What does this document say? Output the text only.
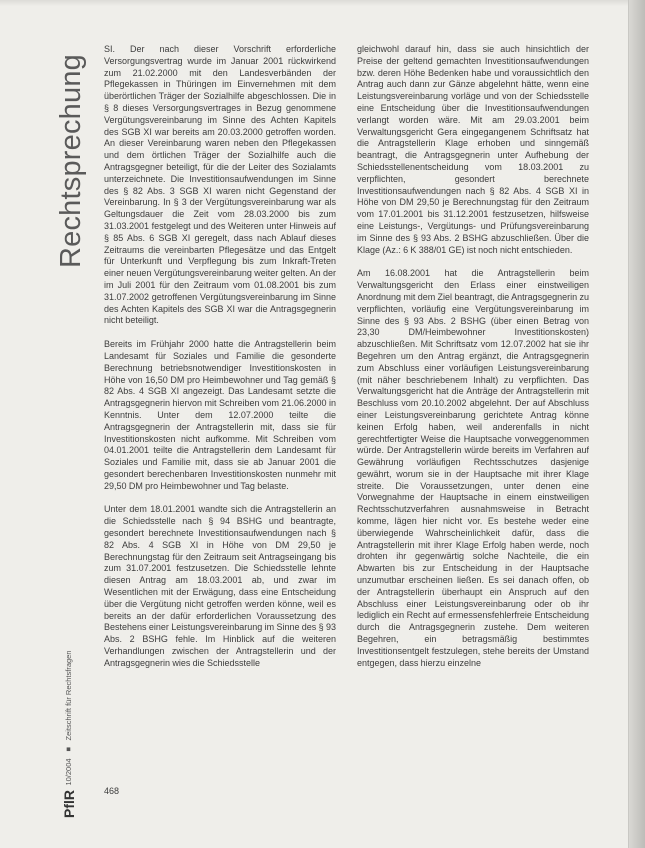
Rechtsprechung

SI. Der nach dieser Vorschrift erforderliche Versorgungsvertrag wurde im Januar 2001 rückwirkend zum 21.02.2000 mit den Landesverbänden der Pflegekassen in Thüringen im Einvernehmen mit dem überörtlichen Träger der Sozialhilfe abgeschlossen. Die in § 8 dieses Versorgungsvertrages in Bezug genommene Vergütungsvereinbarung im Sinne des Achten Kapitels des SGB XI war bereits am 20.03.2000 getroffen worden. An dieser Vereinbarung waren neben den Pflegekassen und dem örtlichen Träger der Sozialhilfe auch die Antragsgegner beteiligt, für die der Leiter des Sozialamts unterzeichnete. Die Investitionsaufwendungen im Sinne des § 82 Abs. 3 SGB XI waren nicht Gegenstand der Vereinbarung. In § 3 der Vergütungsvereinbarung war als Geltungsdauer die Zeit vom 28.03.2000 bis zum 31.03.2001 festgelegt und des Weiteren unter Hinweis auf § 85 Abs. 6 SGB XI geregelt, dass nach Ablauf dieses Zeitraums die vereinbarten Pflegesätze und das Entgelt für Unterkunft und Verpflegung bis zum Inkraft-Treten einer neuen Vergütungsvereinbarung weiter gelten. An der im Juli 2001 für den Zeitraum vom 01.08.2001 bis zum 31.07.2002 getroffenen Vergütungsvereinbarung im Sinne des Achten Kapitels des SGB XI war die Antragsgegnerin nicht beteiligt.

Bereits im Frühjahr 2000 hatte die Antragstellerin beim Landesamt für Soziales und Familie die gesonderte Berechnung betriebsnotwendiger Investitionskosten in Höhe von 16,50 DM pro Heimbewohner und Tag gemäß § 82 Abs. 4 SGB XI angezeigt. Das Landesamt setzte die Antragsgegnerin hiervon mit Schreiben vom 21.06.2000 in Kenntnis. Unter dem 12.07.2000 teilte die Antragsgegnerin der Antragstellerin mit, dass sie für Investitionskosten nicht aufkomme. Mit Schreiben vom 04.01.2001 teilte die Antragstellerin dem Landesamt für Soziales und Familie mit, dass sie ab Januar 2001 die gesondert berechenbaren Investitionskosten nunmehr mit 29,50 DM pro Heimbewohner und Tag belaste.

Unter dem 18.01.2001 wandte sich die Antragstellerin an die Schiedsstelle nach § 94 BSHG und beantragte, gesondert berechnete Investitionsaufwendungen nach § 82 Abs. 4 SGB XI in Höhe von DM 29,50 je Berechnungstag für den Zeitraum seit Antragseingang bis zum 31.07.2001 festzusetzen. Die Schiedsstelle lehnte diesen Antrag am 18.03.2001 ab, und zwar im Wesentlichen mit der Erwägung, dass eine Entscheidung über die Vergütung nicht getroffen werden könne, weil es bereits an der dafür erforderlichen Voraussetzung des Bestehens einer Leistungsvereinbarung im Sinne des § 93 Abs. 2 BSHG fehle. Im Hinblick auf die weiteren Verhandlungen zwischen der Antragstellerin und der Antragsgegnerin wies die Schiedsstelle

gleichwohl darauf hin, dass sie auch hinsichtlich der Preise der geltend gemachten Investitionsaufwendungen bzw. deren Höhe Bedenken habe und voraussichtlich den Antrag auch dann zur Gänze abgelehnt hätte, wenn eine Leistungsvereinbarung vorläge und von der Schiedsstelle eine Entscheidung über die Investitionsaufwendungen verlangt worden wäre. Mit am 29.03.2001 beim Verwaltungsgericht Gera eingegangenem Schriftsatz hat die Antragstellerin Klage erhoben und sinngemäß beantragt, die Antragsgegnerin unter Aufhebung der Schiedsstellenentscheidung vom 18.03.2001 zu verpflichten, gesondert berechnete Investitionsaufwendungen nach § 82 Abs. 4 SGB XI in Höhe von DM 29,50 je Berechnungstag für den Zeitraum vom 17.01.2001 bis 31.12.2001 festzusetzen, hilfsweise eine Leistungs-, Vergütungs- und Prüfungsvereinbarung im Sinne des § 93 Abs. 2 BSHG abzuschließen. Über die Klage (Az.: 6 K 388/01 GE) ist noch nicht entschieden.

Am 16.08.2001 hat die Antragstellerin beim Verwaltungsgericht den Erlass einer einstweiligen Anordnung mit dem Ziel beantragt, die Antragsgegnerin zu verpflichten, vorläufig eine Vergütungsvereinbarung im Sinne des § 93 Abs. 2 BSHG (über einen Betrag von 23,30 DM/Heimbewohner Investitionskosten) abzuschließen. Mit Schriftsatz vom 12.07.2002 hat sie ihr Begehren um den Antrag ergänzt, die Antragsgegnerin zum Abschluss einer vorläufigen Leistungsvereinbarung (mit näher beschriebenem Inhalt) zu verpflichten. Das Verwaltungsgericht hat die Anträge der Antragstellerin mit Beschluss vom 20.10.2002 abgelehnt. Der auf Abschluss einer Leistungsvereinbarung gerichtete Antrag könne keinen Erfolg haben, weil anderenfalls in nicht gerechtfertigter Weise die Hauptsache vorweggenommen würde. Der Antragstellerin würde bereits im Verfahren auf Gewährung vorläufigen Rechtsschutzes dasjenige gewährt, worum sie in der Hauptsache mit ihrer Klage streite. Die Voraussetzungen, unter denen eine Vorwegnahme der Hauptsache in einem einstweiligen Rechtsschutzverfahren ausnahmsweise in Betracht komme, lägen hier nicht vor. Es bestehe weder eine überwiegende Wahrscheinlichkeit dafür, dass die Antragstellerin mit ihrer Klage Erfolg haben werde, noch drohten ihr gegenwärtig solche Nachteile, die ein Abwarten bis zur Entscheidung in der Hauptsache unzumutbar erscheinen ließen. Es sei danach offen, ob der Antragstellerin überhaupt ein Anspruch auf den Abschluss einer Leistungsvereinbarung oder ob ihr lediglich ein Recht auf ermessensfehlerfreie Entscheidung durch die Antragsgegnerin zustehe. Dem weiteren Begehren, ein betragsmäßig bestimmtes Investitionsentgelt festzulegen, stehe bereits der Umstand entgegen, dass hierzu einzelne

PflR 10/2004 ■ Zeitschrift für Rechtsfragen
468
